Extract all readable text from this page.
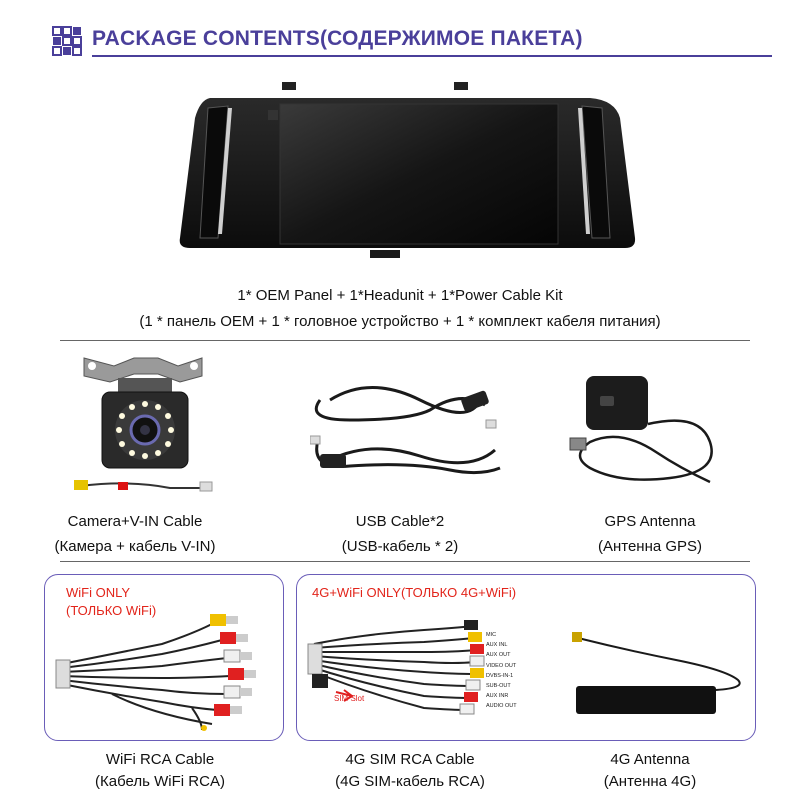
PACKAGE CONTENTS(СОДЕРЖИМОЕ ПАКЕТА)
1* OEM Panel + 1*Headunit + 1*Power Cable Kit
(1 * панель OEM + 1 * головное устройство + 1 * комплект кабеля питания)
Camera+V-IN Cable
(Камера + кабель V-IN)
USB Cable*2
(USB-кабель * 2)
GPS Antenna
(Антенна GPS)
WiFi ONLY
(ТОЛЬКО WiFi)
4G+WiFi ONLY(ТОЛЬКО 4G+WiFi)
SIM Slot
MIC
AUX INL
AUX OUT
VIDEO OUT
DVBS-IN-1
SUB-OUT
AUX INR
AUDIO OUT
WiFi RCA Cable
(Кабель WiFi RCA)
4G SIM RCA Cable
(4G SIM-кабель RCA)
4G Antenna
(Антенна 4G)
